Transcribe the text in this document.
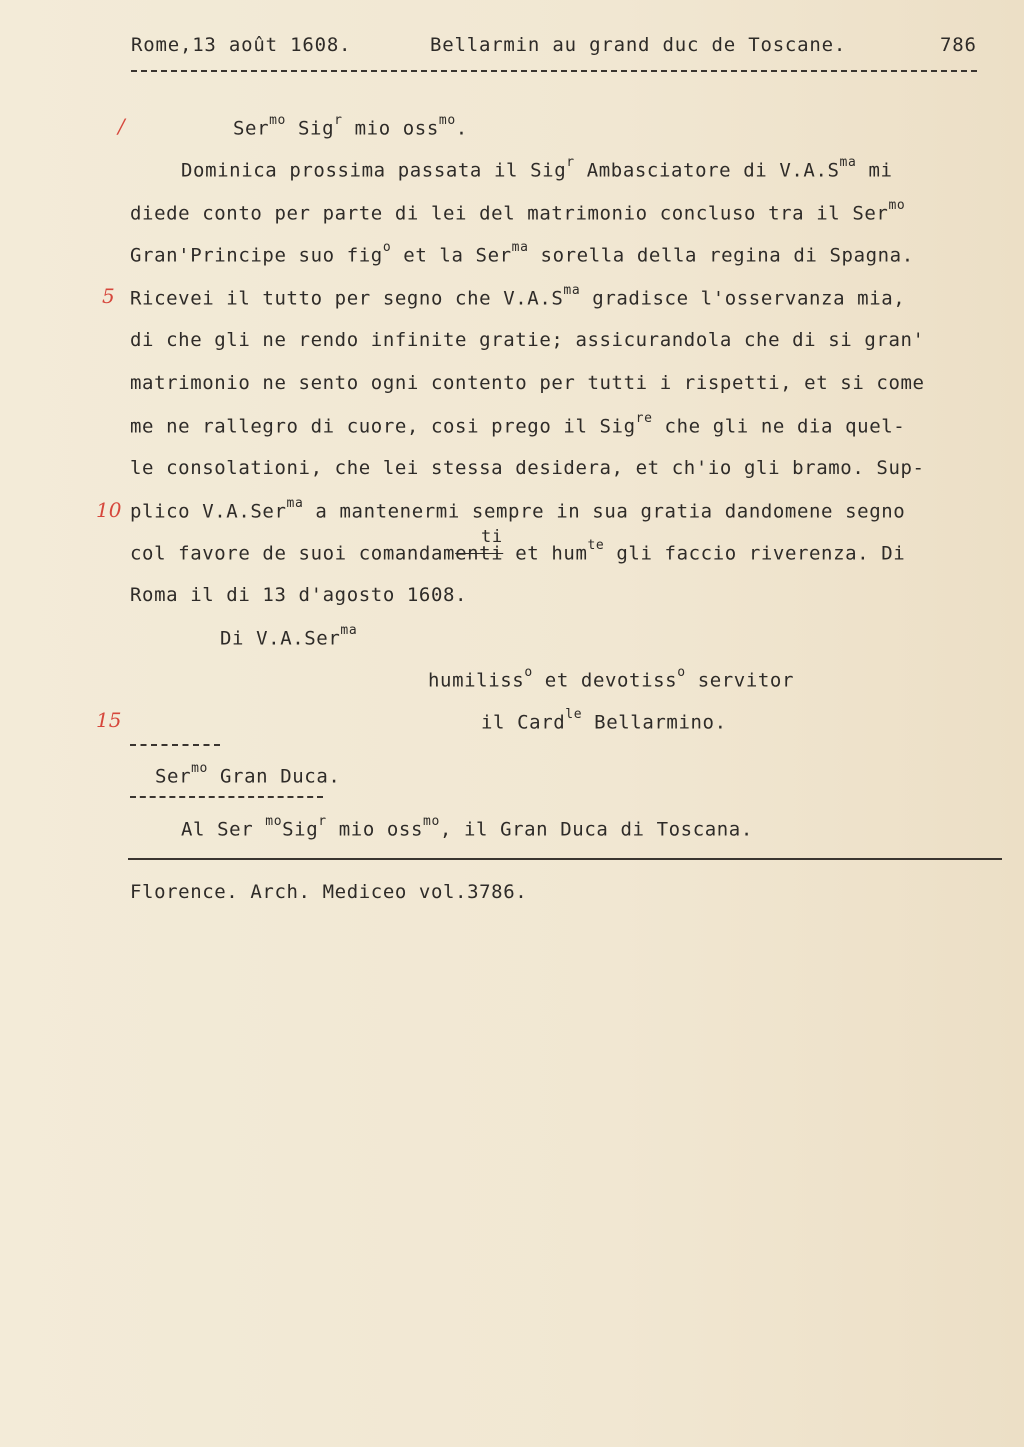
Rome,13 août 1608.	Bellarmin au grand duc de Toscane.	786
/
5
10
15
Ser$^{mo}$ Sig$^r$ mio oss$^{mo}$.
Dominica prossima passata il Sig$^r$ Ambasciatore di $V.A.S^{ma}$ mi
diede conto per parte di lei del matrimonio concluso tra il Ser$^{mo}$
Gran'Principe suo fig$^o$ et la Ser$^{ma}$ sorella della regina di Spagna.
Ricevei il tutto per segno che $V.A.S^{ma}$ gradisce l'osservanza mia,
di che gli ne rendo infinite gratie; assicurandola che di si gran'
matrimonio ne sento ogni contento per tutti i rispetti, et si come
me ne rallegro di cuore, cosi prego il Sig$^{re}$ che gli ne dia quel-
le consolationi, che lei stessa desidera, et ch'io gli bramo. Sup-
plico V.A.Ser$^{ma}$ a mantenermi sempre in sua gratia dandomene segno
ti
col favore de suoi comandamenti et hum$^{te}$ gli faccio riverenza. Di
Roma il di 13 d'agosto 1608.
Di V.A.Ser$^{ma}$
humiliss$^o$ et devotiss$^o$ servitor
il Card$^{le}$ Bellarmino.
Ser$^{mo}$ Gran Duca.
Al Ser $^{mo}$Sig$^r$ mio oss$^{mo}$, il Gran Duca di Toscana.
Florence. Arch. Mediceo vol.3786.
